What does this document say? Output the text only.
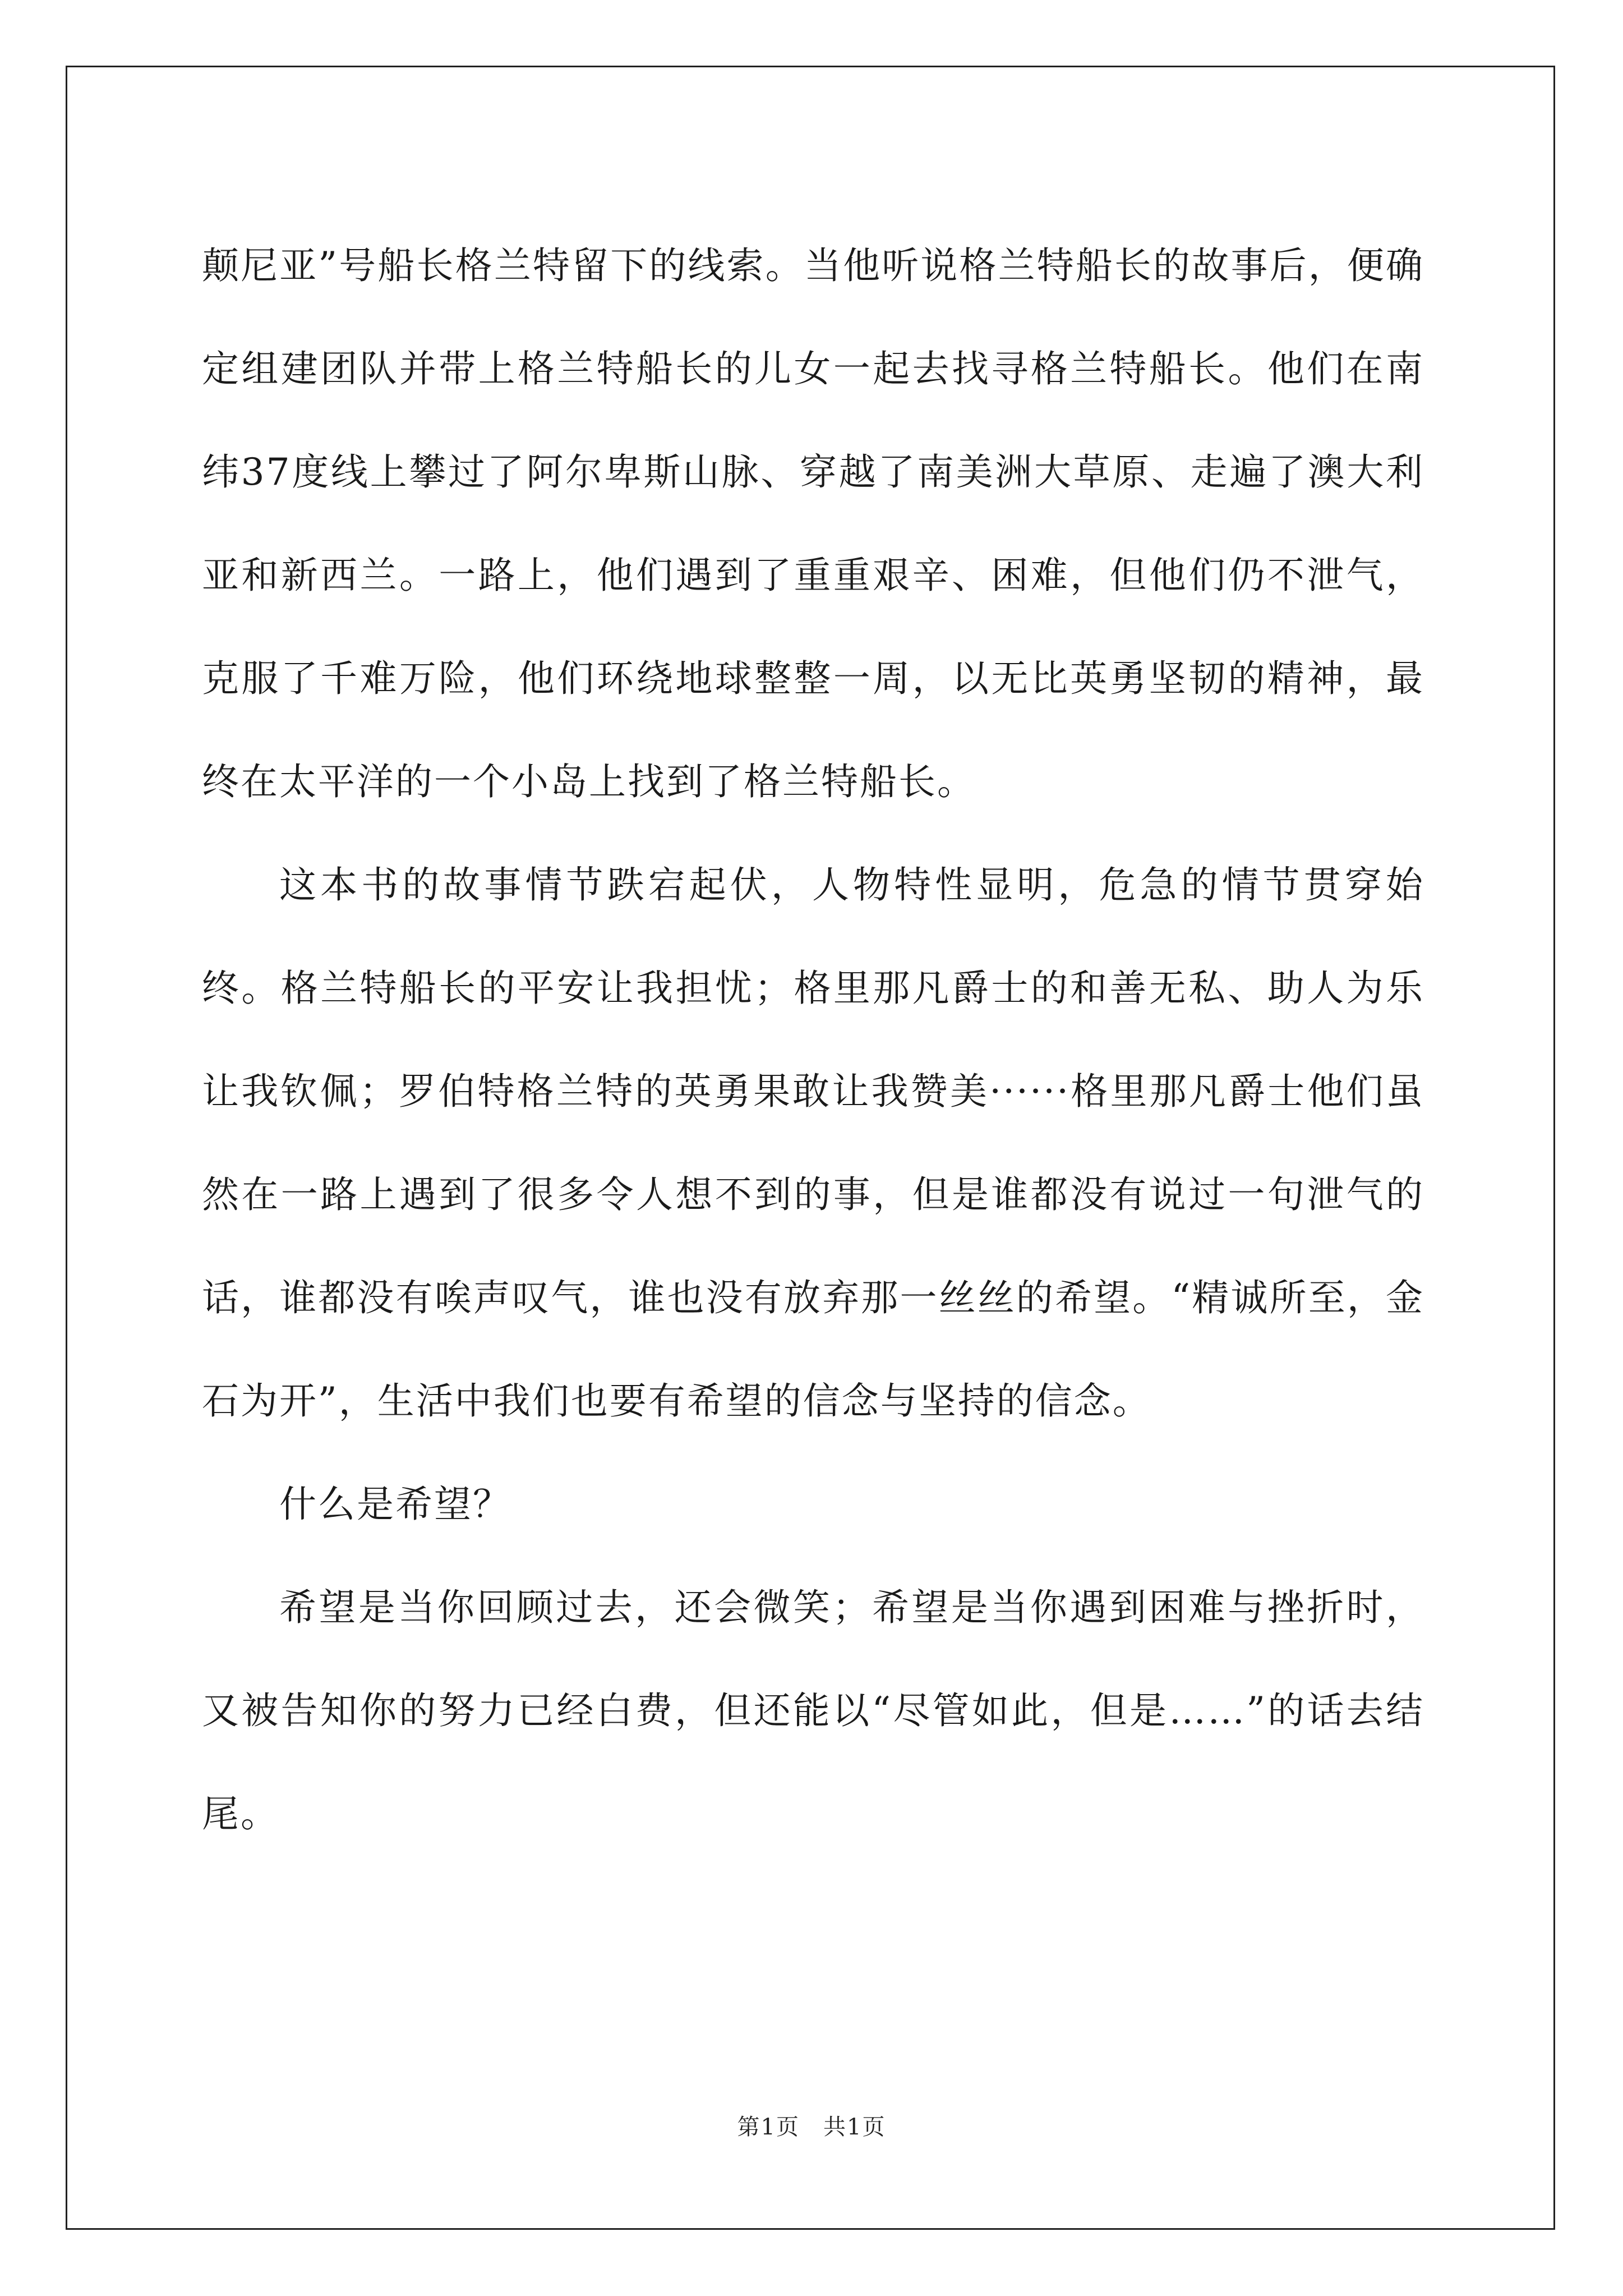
颠尼亚”号船长格兰特留下的线索。当他听说格兰特船长的故事后，便确定组建团队并带上格兰特船长的儿女一起去找寻格兰特船长。他们在南纬37度线上攀过了阿尔卑斯山脉、穿越了南美洲大草原、走遍了澳大利亚和新西兰。一路上，他们遇到了重重艰辛、困难，但他们仍不泄气，克服了千难万险，他们环绕地球整整一周，以无比英勇坚韧的精神，最终在太平洋的一个小岛上找到了格兰特船长。

这本书的故事情节跌宕起伏，人物特性显明，危急的情节贯穿始终。格兰特船长的平安让我担忧；格里那凡爵士的和善无私、助人为乐让我钦佩；罗伯特格兰特的英勇果敢让我赞美······格里那凡爵士他们虽然在一路上遇到了很多令人想不到的事，但是谁都没有说过一句泄气的话，谁都没有唉声叹气，谁也没有放弃那一丝丝的希望。“精诚所至，金石为开”，生活中我们也要有希望的信念与坚持的信念。

什么是希望？

希望是当你回顾过去，还会微笑；希望是当你遇到困难与挫折时，又被告知你的努力已经白费，但还能以“尽管如此，但是……”的话去结尾。

第1页　共1页
